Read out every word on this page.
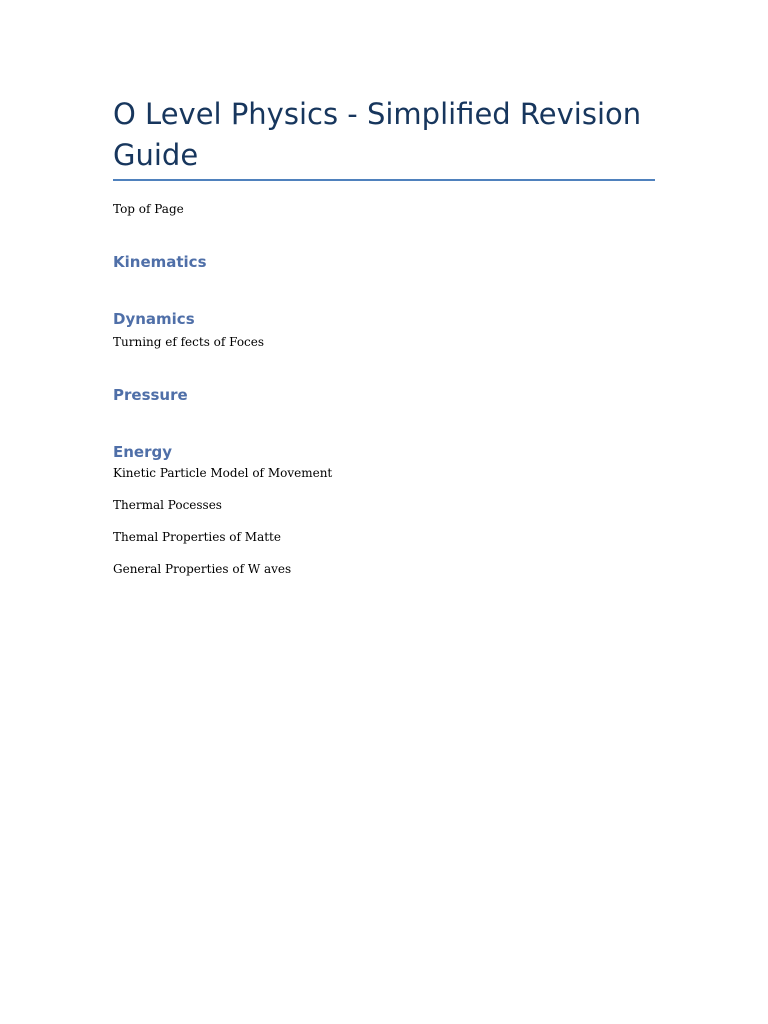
O Level Physics - Simplified Revision Guide

Top of Page

Kinematics
Dynamics

Turning ef fects of Foces

Pressure
Energy

Kinetic Particle Model of Movement

Thermal Pocesses

Themal Properties of Matte

General Properties of W aves
